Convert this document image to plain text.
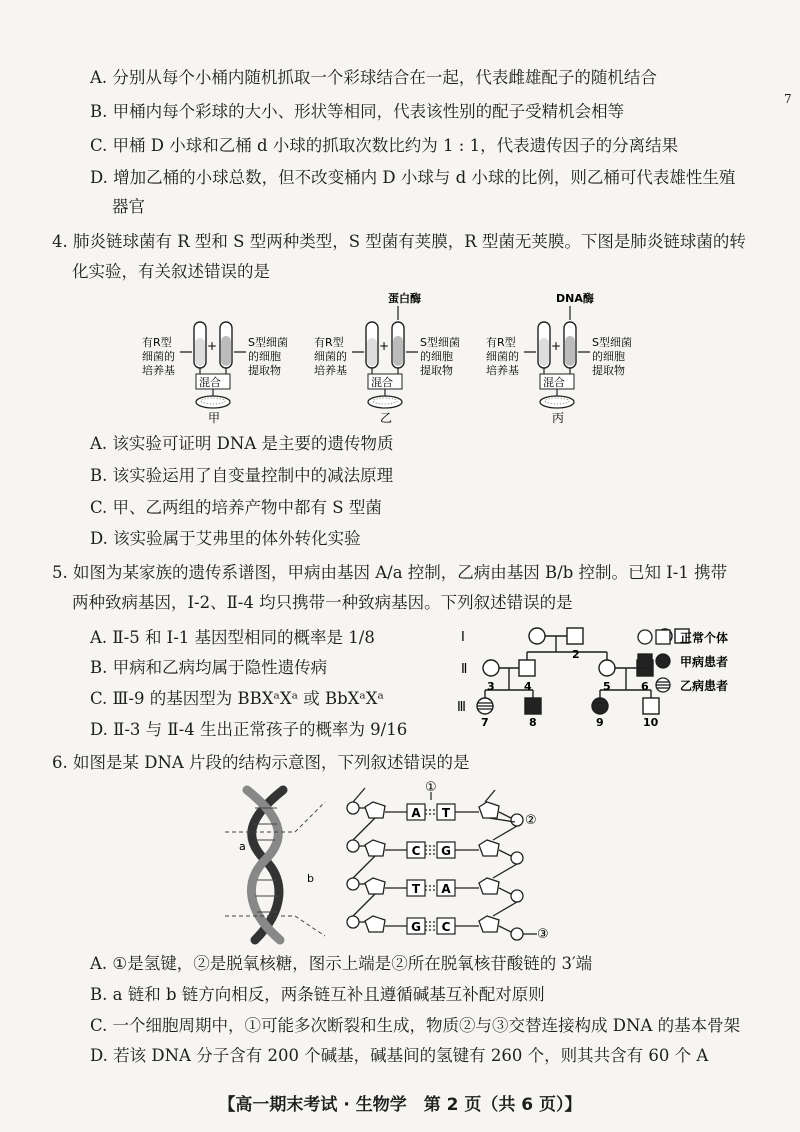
7
A. 分别从每个小桶内随机抓取一个彩球结合在一起，代表雌雄配子的随机结合
B. 甲桶内每个彩球的大小、形状等相同，代表该性别的配子受精机会相等
C. 甲桶 D 小球和乙桶 d 小球的抓取次数比约为 1 : 1，代表遗传因子的分离结果
D. 增加乙桶的小球总数，但不改变桶内 D 小球与 d 小球的比例，则乙桶可代表雄性生殖
器官
4. 肺炎链球菌有 R 型和 S 型两种类型，S 型菌有荚膜，R 型菌无荚膜。下图是肺炎链球菌的转
化实验，有关叙述错误的是
有R型
细菌的
培养基
+	S型细菌
的细胞
提取物
混合
甲
有R型
细菌的
培养基
+	S型细菌
的细胞
提取物
混合
乙
蛋白酶
有R型
细菌的
培养基
+	S型细菌
的细胞
提取物
混合
丙
DNA酶
A. 该实验可证明 DNA 是主要的遗传物质
B. 该实验运用了自变量控制中的减法原理
C. 甲、乙两组的培养产物中都有 S 型菌
D. 该实验属于艾弗里的体外转化实验
5. 如图为某家族的遗传系谱图，甲病由基因 A/a 控制，乙病由基因 B/b 控制。已知 Ⅰ-1 携带
两种致病基因，Ⅰ-2、Ⅱ-4 均只携带一种致病基因。下列叙述错误的是
A. Ⅱ-5 和 Ⅰ-1 基因型相同的概率是 1/8
B. 甲病和乙病均属于隐性遗传病
C. Ⅲ-9 的基因型为 BBXᵃXᵃ 或 BbXᵃXᵃ
D. Ⅱ-3 与 Ⅱ-4 生出正常孩子的概率为 9/16
Ⅰ
Ⅱ
Ⅲ
2
3	4	5	6
7	8	9	10
正常个体
甲病患者
乙病患者
6. 如图是某 DNA 片段的结构示意图，下列叙述错误的是
a
b
A T
C G
T A
G C
①
②
③
A. ①是氢键，②是脱氧核糖，图示上端是②所在脱氧核苷酸链的 3′端
B. a 链和 b 链方向相反，两条链互补且遵循碱基互补配对原则
C. 一个细胞周期中，①可能多次断裂和生成，物质②与③交替连接构成 DNA 的基本骨架
D. 若该 DNA 分子含有 200 个碱基，碱基间的氢键有 260 个，则其共含有 60 个 A
【高一期末考试 · 生物学　第 2 页（共 6 页）】
